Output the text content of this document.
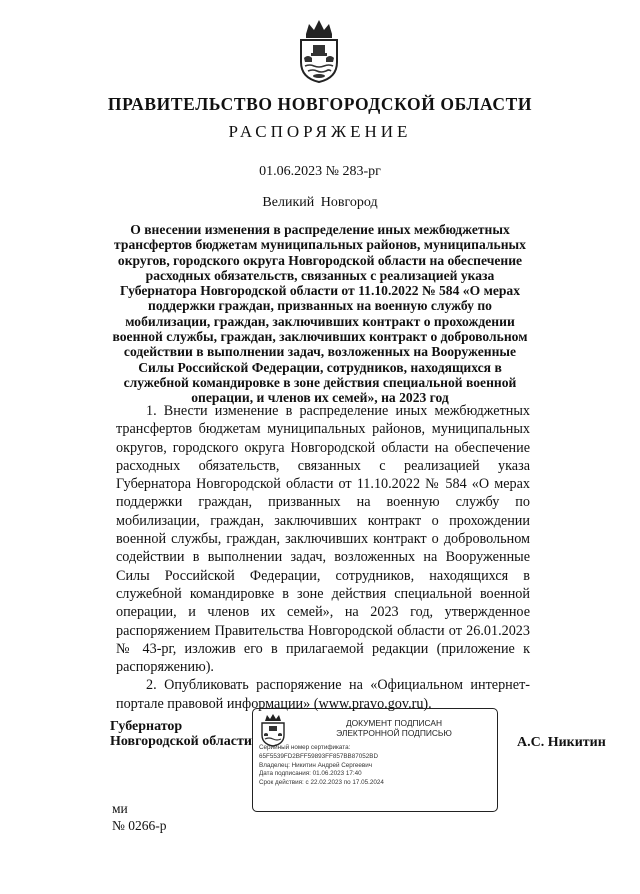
ПРАВИТЕЛЬСТВО НОВГОРОДСКОЙ ОБЛАСТИ
РАСПОРЯЖЕНИЕ
01.06.2023 № 283-рг
Великий Новгород
О внесении изменения в распределение иных межбюджетных трансфертов бюджетам муниципальных районов, муниципальных округов, городского округа Новгородской области на обеспечение расходных обязательств, связанных с реализацией указа Губернатора Новгородской области от 11.10.2022 № 584 «О мерах поддержки граждан, призванных на военную службу по мобилизации, граждан, заключивших контракт о прохождении военной службы, граждан, заключивших контракт о добровольном содействии в выполнении задач, возложенных на Вооруженные Силы Российской Федерации, сотрудников, находящихся в служебной командировке в зоне действия специальной военной операции, и членов их семей», на 2023 год

1. Внести изменение в распределение иных межбюджетных трансфертов бюджетам муниципальных районов, муниципальных округов, городского округа Новгородской области на обеспечение расходных обязательств, связанных с реализацией указа Губернатора Новгородской области от 11.10.2022 № 584 «О мерах поддержки граждан, призванных на военную службу по мобилизации, граждан, заключивших контракт о прохождении военной службы, граждан, заключивших контракт о добровольном содействии в выполнении задач, возложенных на Вооруженные Силы Российской Федерации, сотрудников, находящихся в служебной командировке в зоне действия специальной военной операции, и членов их семей», на 2023 год, утвержденное распоряжением Правительства Новгородской области от 26.01.2023 № 43-рг, изложив его в прилагаемой редакции (приложение к распоряжению).

2. Опубликовать распоряжение на «Официальном интернет-портале правовой информации» (www.pravo.gov.ru).

Губернатор
Новгородской области
ДОКУМЕНТ ПОДПИСАН
ЭЛЕКТРОННОЙ ПОДПИСЬЮ
Серийный номер сертификата:
65F5539FD2BFF59893FF857BB87052BD
Владелец: Никитин Андрей Сергеевич
Дата подписания: 01.06.2023 17:40
Срок действия: с 22.02.2023 по 17.05.2024
А.С. Никитин
ми
№ 0266-р
